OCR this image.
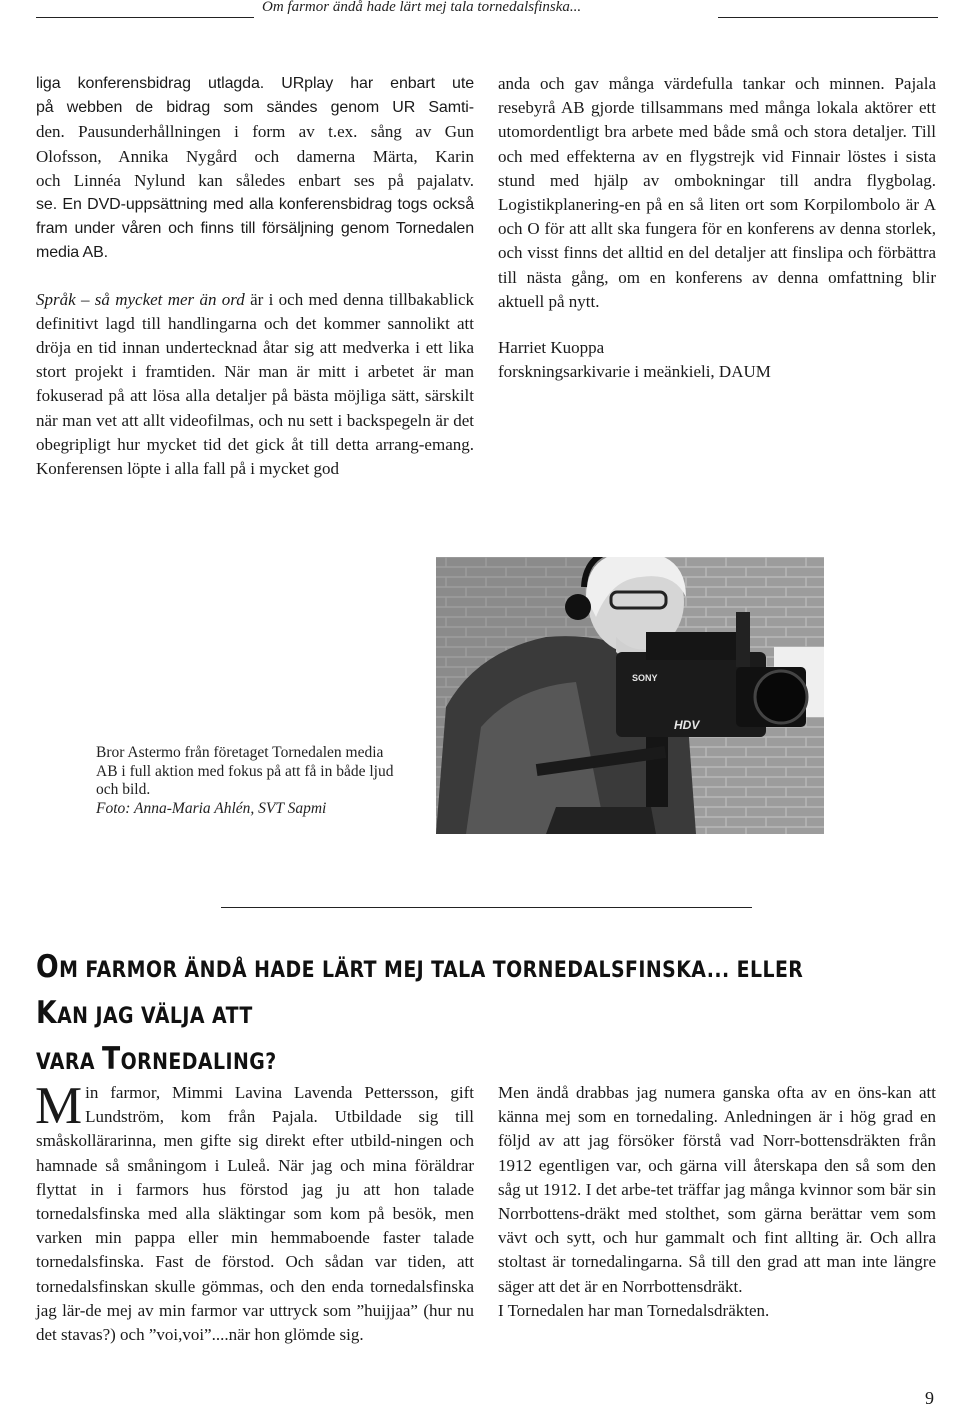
Om farmor ändå hade lärt mej tala tornedalsfinska...
liga konferensbidrag utlagda. URplay har enbart ute
på webben de bidrag som sändes genom UR Samti-
den. Pausunderhållningen i form av t.ex. sång av Gun
Olofsson, Annika Nygård och damerna Märta, Karin
och Linnéa Nylund kan således enbart ses på pajalatv.

se. En DVD-uppsättning med alla konferensbidrag togs också fram under våren och finns till försäljning genom Tornedalen media AB.

Språk – så mycket mer än ord är i och med denna tillbakablick definitivt lagd till handlingarna och det kommer sannolikt att dröja en tid innan undertecknad åtar sig att medverka i ett lika stort projekt i framtiden. När man är mitt i arbetet är man fokuserad på att lösa alla detaljer på bästa möjliga sätt, särskilt när man vet att allt videofilmas, och nu sett i backspegeln är det obegripligt hur mycket tid det gick åt till detta arrang-emang. Konferensen löpte i alla fall på i mycket god

anda och gav många värdefulla tankar och minnen. Pajala resebyrå AB gjorde tillsammans med många lokala aktörer ett utomordentligt bra arbete med både små och stora detaljer. Till och med effekterna av en flygstrejk vid Finnair löstes i sista stund med hjälp av ombokningar till andra flygbolag. Logistikplanering-en på en så liten ort som Korpilombolo är A och O för att allt ska fungera för en konferens av denna storlek, och visst finns det alltid en del detaljer att finslipa och förbättra till nästa gång, om en konferens av denna omfattning blir aktuell på nytt.

Harriet Kuoppa

forskningsarkivarie i meänkieli, DAUM

SONY
HDV
Bror Astermo från företaget Tornedalen media AB i full aktion med fokus på att få in både ljud och bild.
Foto: Anna-Maria Ahlén, SVT Sapmi
OM FARMOR ÄNDÅ HADE LÄRT MEJ TALA TORNEDALSFINSKA... ELLER KAN JAG VÄLJA ATT
VARA TORNEDALING?

Min farmor, Mimmi Lavina Lavenda Pettersson, gift Lundström, kom från Pajala. Utbildade sig till småskollärarinna, men gifte sig direkt efter utbild-ningen och hamnade så småningom i Luleå. När jag och mina föräldrar flyttat in i farmors hus förstod jag ju att hon talade tornedalsfinska med alla släktingar som kom på besök, men varken min pappa eller min hemmaboende faster talade tornedalsfinska. Fast de förstod. Och sådan var tiden, att tornedalsfinskan skulle gömmas, och den enda tornedalsfinska jag lär-de mej av min farmor var uttryck som ”huijjaa” (hur nu det stavas?) och ”voi,voi”....när hon glömde sig.

Men ändå drabbas jag numera ganska ofta av en öns-kan att känna mej som en tornedaling. Anledningen är i hög grad en följd av att jag försöker förstå vad Norr-bottensdräkten från 1912 egentligen var, och gärna vill återskapa den så som den såg ut 1912. I det arbe-tet träffar jag många kvinnor som bär sin Norrbottens-dräkt med stolthet, som gärna berättar vem som vävt och sytt, och hur gammalt och fint allting är. Och allra stoltast är tornedalingarna. Så till den grad att man inte längre säger att det är en Norrbottensdräkt.

I Tornedalen har man Tornedalsdräkten.

9
